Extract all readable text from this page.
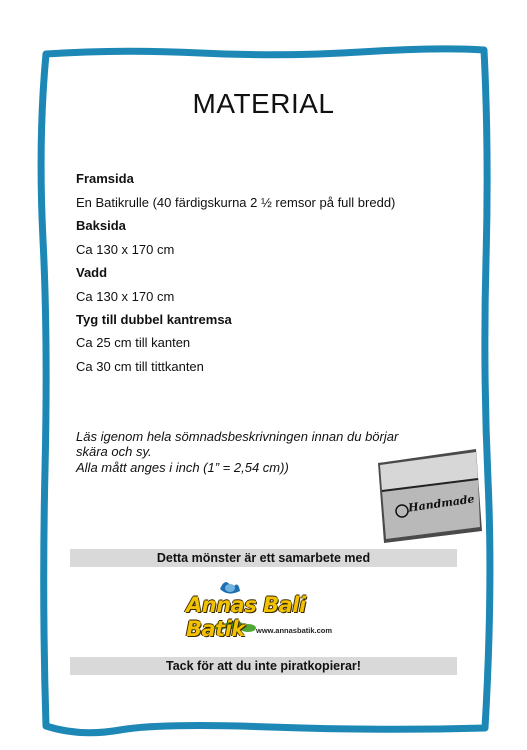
MATERIAL
Framsida
En Batikrulle (40 färdigskurna 2 ½ remsor på full bredd)
Baksida
Ca 130 x 170 cm
Vadd
Ca 130 x 170 cm
Tyg till dubbel kantremsa
Ca 25 cm till kanten
Ca 30 cm till tittkanten
Läs igenom hela sömnadsbeskrivningen innan du börjar
skära och sy.
Alla mått anges i inch (1” = 2,54 cm))
Handmade
Detta mönster är ett samarbete med
Annas Bali Batik	www.annasbatik.com
Tack för att du inte piratkopierar!
